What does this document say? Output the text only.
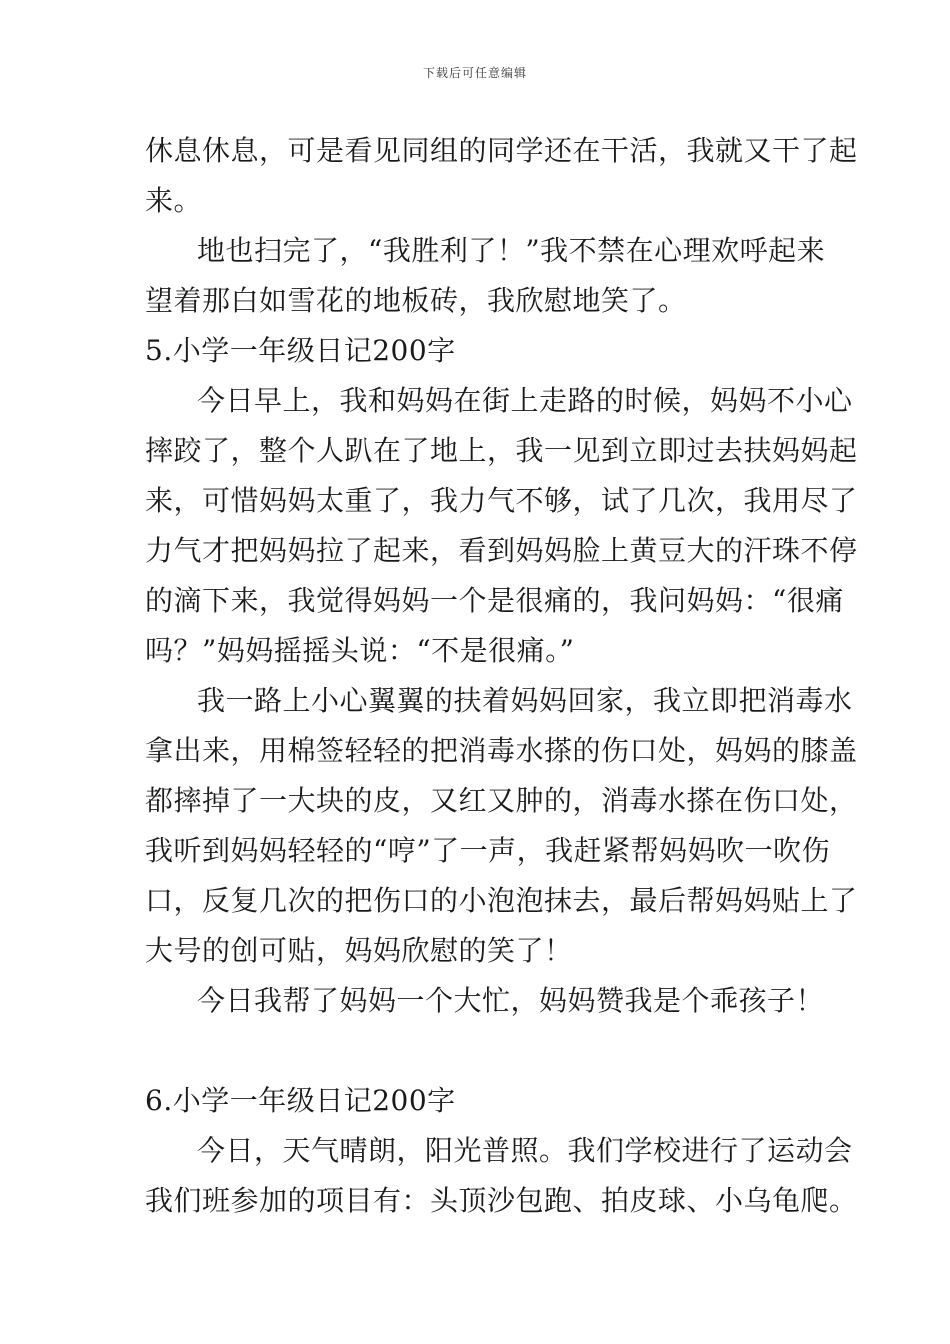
下载后可任意编辑
休息休息，可是看见同组的同学还在干活，我就又干了起
来。
地也扫完了，“我胜利了！”我不禁在心理欢呼起来
望着那白如雪花的地板砖，我欣慰地笑了。
5.小学一年级日记200字
今日早上，我和妈妈在街上走路的时候，妈妈不小心
摔跤了，整个人趴在了地上，我一见到立即过去扶妈妈起
来，可惜妈妈太重了，我力气不够，试了几次，我用尽了
力气才把妈妈拉了起来，看到妈妈脸上黄豆大的汗珠不停
的滴下来，我觉得妈妈一个是很痛的，我问妈妈：“很痛
吗？”妈妈摇摇头说：“不是很痛。”
我一路上小心翼翼的扶着妈妈回家，我立即把消毒水
拿出来，用棉签轻轻的把消毒水搽的伤口处，妈妈的膝盖
都摔掉了一大块的皮，又红又肿的，消毒水搽在伤口处，
我听到妈妈轻轻的“哼”了一声，我赶紧帮妈妈吹一吹伤
口，反复几次的把伤口的小泡泡抹去，最后帮妈妈贴上了
大号的创可贴，妈妈欣慰的笑了！
今日我帮了妈妈一个大忙，妈妈赞我是个乖孩子！
6.小学一年级日记200字
今日，天气晴朗，阳光普照。我们学校进行了运动会
我们班参加的项目有：头顶沙包跑、拍皮球、小乌龟爬。
